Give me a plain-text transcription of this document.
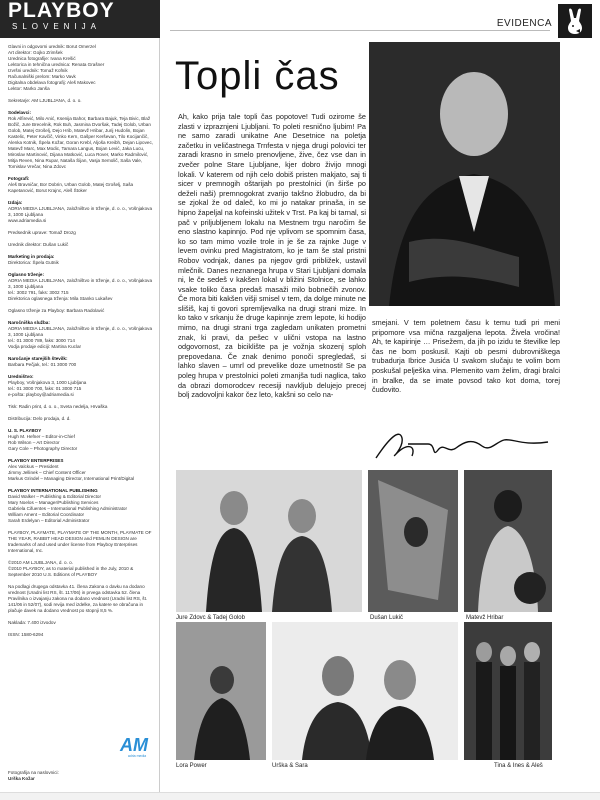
PLAYBOY
SLOVENIJA
Glavni in odgovorni urednik: Borut Omerzel
Art direktor: Gojko Zrimšek
Urednica fotografije: Ivana Krešić
Lektorica in tehnična urednica: Renata Grašner
Izvršni urednik: Tomaž Kofnik
Računalniški prelom: Marko Vavk
Digitalna obdelava fotografij: Aleš Makovec
Lektor: Marko Janša
Sekretarje: AM LJUBLJANA, d. o. o.
Sodelavci:
Rok Alfirević, Milo Anić, Ksenija Bahor, Barbara Bajuk, Teja Bivic, Blaž Božič, Jure Brecelnik, Rok Buh, Jasmina Dvoršak, Tadej Golob, Urban Golob, Matej Grošelj, Dejo Hrib, Matevž Hribar, Jurij Hudolin, Bojan Kastelic, Peter Kavčič, Vinko Kern, Gašper Kerševan, Tilo Kocijančič, Alenka Kotnik, Špela Kožar, Goran Krebl, Aljoša Kreibh, Dejan Lipovec, Matevž Marc, Max Modic, Tamara Langus, Bojan Lević, Jaka Lucu, Miroslav Martinović, Dijana Matković, Luca Rover, Marko Radmilović, Mitja Reven, Nina Rupar, Nataša Šijan, Vasja Semolič, Saša Vale, Tomislav Vrečar, Nina Zdovc
Fotografi:
Aleš Bravničar, Bor Dobrin, Urban Golob, Matej Grošelj, Saša Kapetanović, Borut Krajnc, Aleš Štoker
Izdaja:
ADRIA MEDIA LJUBLJANA, založništvo in trženje, d. o. o., Vošnjakova 3, 1000 Ljubljana
www.adriamedia.si
Predsednik uprave: Tomaž Drozg
Urednik direktor: Dušan Lukič
Marketing in prodaja:
Direktorica: Špela Gutnik
Oglasno trženje:
ADRIA MEDIA LJUBLJANA, založništvo in trženje, d. o. o., Vošnjakova 3, 1000 Ljubljana
tel.: 3002 791, faks: 3002 715
Direktorica oglasnega trženja: Mila Stanko Lukašev
Oglasno trženje za Playboy: Barbara Radolavić
Naročniška služba:
ADRIA MEDIA LJUBLJANA, založništvo in trženje, d. o. o., Vošnjakova 3, 1000 Ljubljana
tel.: 01 3000 789, faks: 3000 714
Vodja prodaje ediciji: Martina Kuclar
Naročanje starejših številk:
Barbara Pečjak, tel.: 01 3000 700
Uredništvo:
Playboy, Vošnjakova 3, 1000 Ljubljana
tel.: 01 3000 700, faks: 01 3000 715
e-pošta: playboy@adriamedia.si
Tisk: Radin print, d. o. o., Sveta nedelja, Hrvaška
Distribucija: Delo prodaja, d. d.
U. S. PLAYBOY
Hugh M. Hefner – Editor-in-Chief
Rob Wilson – Art Director
Gary Cole – Photography Director
PLAYBOY ENTERPRISES
Alex Valckus – President
Jimmy Jellinek – Chief Content Officer
Markus Grindel – Managing Director, International Print/Digital
PLAYBOY INTERNATIONAL PUBLISHING
David Walker – Publishing & Editorial Director
Mary Noelos – Manager/Publishing Services
Gabriela Cifuentes – International Publishing Administrator
William Ament – Editorial Coordinator
Sarah Erdelyan – Editorial Administrator
PLAYBOY, PLAYMATE, PLAYMATE OF THE MONTH, PLAYMATE OF THE YEAR, RABBIT HEAD DESIGN and FEMLIN DESIGN are trademarks of and used under license from Playboy Enterprises International, Inc.
©2010 AM LJUBLJANA, d. o. o.
©2010 PLAYBOY, as to material published in the July, 2010 & September 2010 U.S. Editions of PLAYBOY
Na podlagi drugega odstavka 41. člena Zakona o davku na dodano vrednost (Uradni list RS, št. 117/06) in prvega odstavka 52. člena Pravilnika o izvajanju zakona na dodano vrednost (Uradni list RS, št. 141/06 in 52/07), sodi revija med izdelke, za katere se obračuna in plačuje davek na dodano vrednost po stopnji 8,5 %.
Naklada: 7.400 izvodov
ISSN: 1580-6294
AM
adria media
Fotografija na naslovnici:
Urška Kožar
EVIDENCA
Topli čas
Ah, kako prija tale topli čas popotove! Tudi ozirome še zlasti v izpraznjeni Ljubljani. To poleti resnično ljubim! Pa ne samo zaradi unikatne Ane Desetnice na poletja začetku in veličastnega Trnfesta v njega drugi polovici ter zaradi krasno in smelo prenovljene, žive, čez vse dan in zvečer polne Stare Ljubljane, kjer dobro živijo mnogi lokali. V katerem od njih celo dobiš pristen makjato, saj ti sicer v premnogih oštarijah po prestolnici (in širše po deželi naši) premnogokrat zvarijo takšno žlobudro, da bi se zjokal že od daleč, ko mi jo natakar prinaša, in se hipno žapeljal na kofeinski užitek v Trst. Pa kaj bi tarnal, si pač v priljubljenem lokalu na Mestnem trgu naročim še eno slastno kapinnjo. Pod nje vplivom se spomnim časa, ko so tam mimo vozile trole in je še za rajnke Juge v levem ovinku pred Magistratom, ko je tam še stal pristni Robov vodnjak, danes pa njegov grdi približek, ustavil mlečnik. Danes neznanega hrupa v Stari Ljubljani domala ni, le če sedeš v kakšen lokal v bližini Stolnice, se lahko vsake toliko časa predaš masaži milo bobnečih zvonov. Če mora biti kakšen višji smisel v tem, da dolge minute ne slišiš, kaj ti govori spremljevalka na drugi strani mize. In ko tako v srkanju že druge kapinnje zrem lepote, ki hodijo mimo, na drugi strani trga zagledam unikaten prometni znak, ki pravi, da pešec v ulični vstopa na lastno odgovornost, za biciklište pa je vožnja skozenj sploh prepovedana. Če znak denimo ponoči spregledaš, si lahko slaven – umrl od prevelike doze umetnosti! Se pa poleg hrupa v prestolnici poleti zmanjša tudi naglica, tako da obrazi domorodcev recesiji navkljub delujejo precej bolj zadovoljni kakor čez leto, kakšni so celo na-
smejani. V tem poletnem času k temu tudi pri meni pripomore vsa mična razgaljena lepota. Živela vročina! Ah, te kapirinje … Prisežem, da jih po izidu te številke lep čas ne bom poskusil. Kajti ob pesmi dubrovniškega trubadurja Ibrice Jusića U svakom slučaju te volim bom poskušal pelješka vina. Plemenito vam želim, dragi bralci in bralke, da se imate povsod tako kot doma, torej čudovito.
Jure Zdovc & Tadej Golob	Dušan Lukič	Matevž Hribar
Lora Power	Urška & Sara	Tina & Ines & Aleš
